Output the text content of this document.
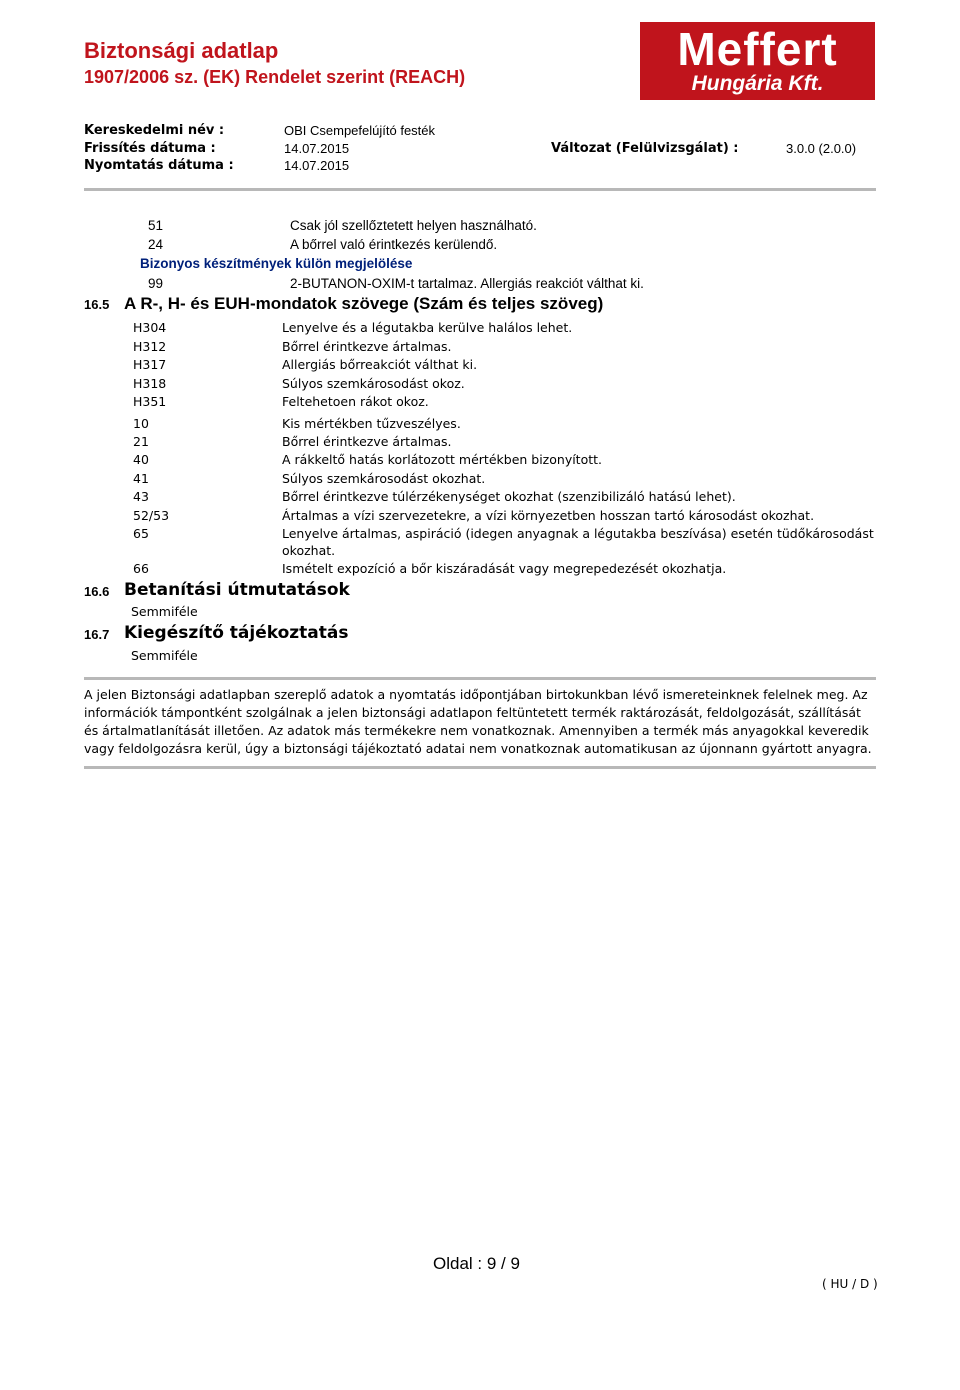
Biztonsági adatlap
1907/2006 sz. (EK) Rendelet szerint (REACH)
Meffert
Hungária Kft.
Kereskedelmi név :	OBI Csempefelújító festék
Frissítés dátuma :	14.07.2015	Változat (Felülvizsgálat) :	3.0.0 (2.0.0)
Nyomtatás dátuma :	14.07.2015
51	Csak jól szellőztetett helyen használható.
24	A bőrrel való érintkezés kerülendő.
Bizonyos készítmények külön megjelölése
99	2-BUTANON-OXIM-t tartalmaz. Allergiás reakciót válthat ki.
16.5 A R-, H- és EUH-mondatok szövege (Szám és teljes szöveg)
H304	Lenyelve és a légutakba kerülve halálos lehet.
H312	Bőrrel érintkezve ártalmas.
H317	Allergiás bőrreakciót válthat ki.
H318	Súlyos szemkárosodást okoz.
H351	Feltehetoen rákot okoz.
10	Kis mértékben tűzveszélyes.
21	Bőrrel érintkezve ártalmas.
40	A rákkeltő hatás korlátozott mértékben bizonyított.
41	Súlyos szemkárosodást okozhat.
43	Bőrrel érintkezve túlérzékenységet okozhat (szenzibilizáló hatású lehet).
52/53	Ártalmas a vízi szervezetekre, a vízi környezetben hosszan tartó károsodást okozhat.
65	Lenyelve ártalmas, aspiráció (idegen anyagnak a légutakba beszívása) esetén tüdőkárosodást
okozhat.
66	Ismételt expozíció a bőr kiszáradását vagy megrepedezését okozhatja.
16.6 Betanítási útmutatások
Semmiféle
16.7 Kiegészítő tájékoztatás
Semmiféle
A jelen Biztonsági adatlapban szereplő adatok a nyomtatás időpontjában birtokunkban lévő ismereteinknek felelnek meg. Az információk támpontként szolgálnak a jelen biztonsági adatlapon feltüntetett termék raktározását, feldolgozását, szállítását és ártalmatlanítását illetően. Az adatok más termékekre nem vonatkoznak. Amennyiben a termék más anyagokkal keveredik vagy feldolgozásra kerül, úgy a biztonsági tájékoztató adatai nem vonatkoznak automatikusan az újonnann gyártott anyagra.
Oldal : 9 / 9
( HU / D )
